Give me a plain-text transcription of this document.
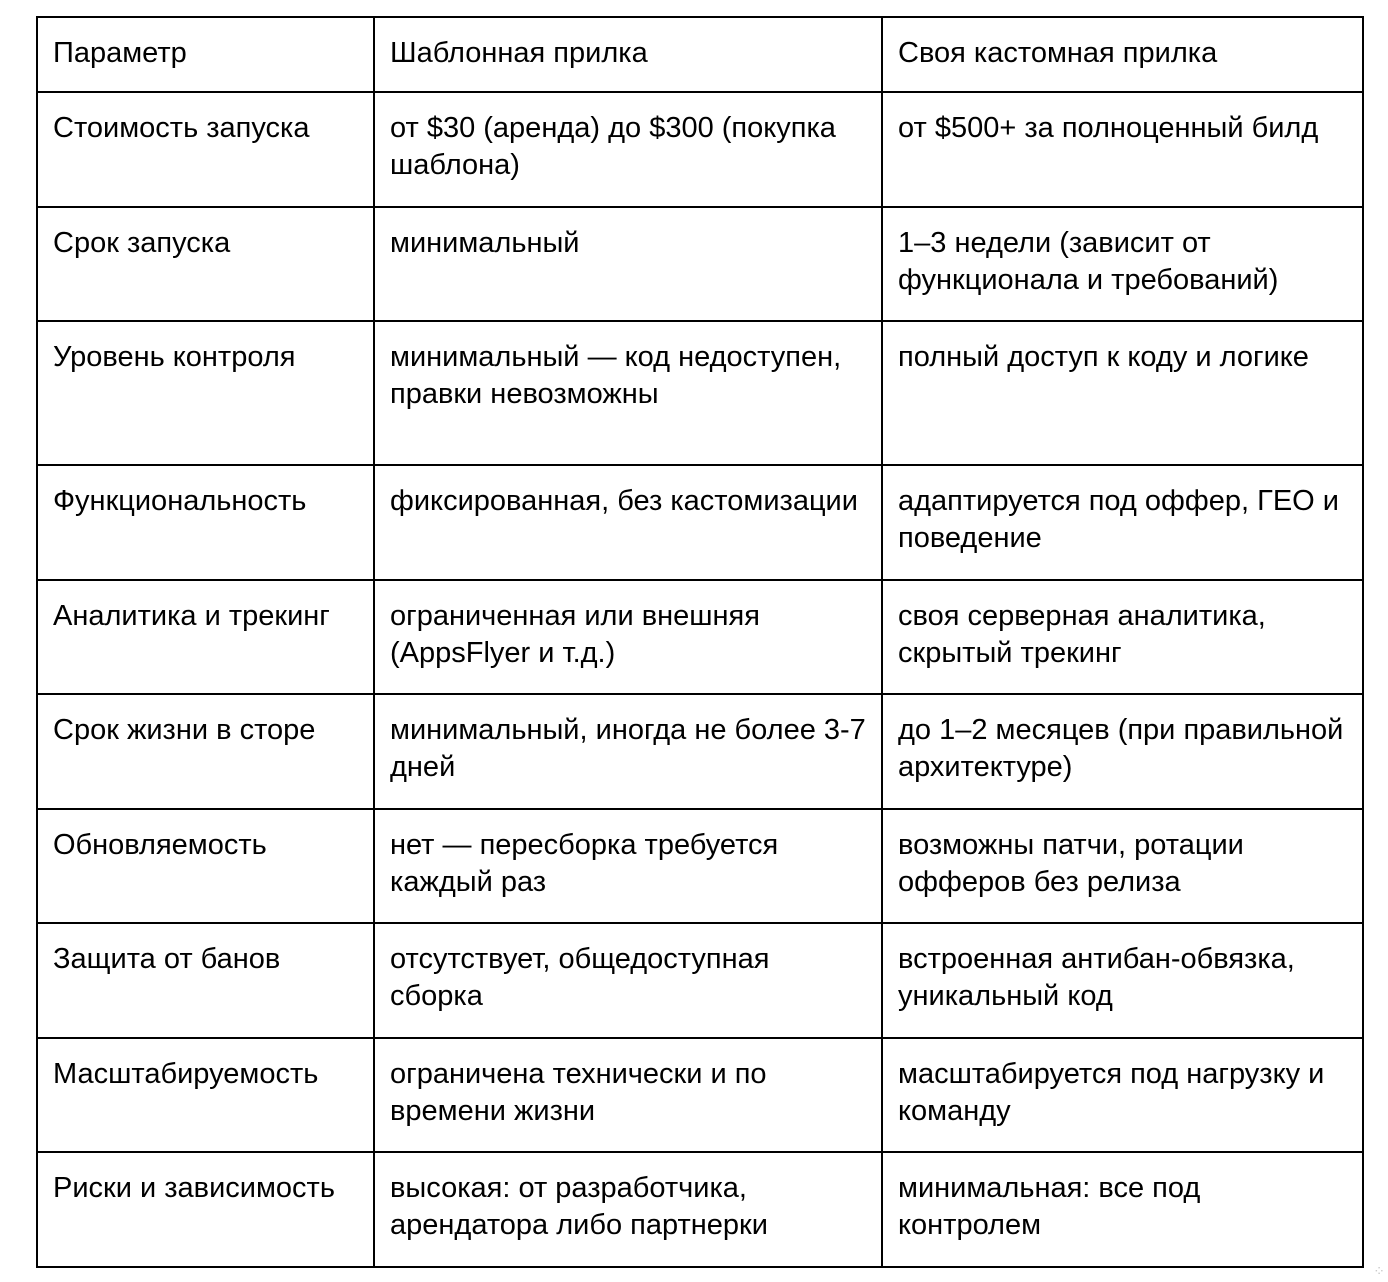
Параметр	Шаблонная прилка	Своя кастомная прилка
Стоимость запуска	от $30 (аренда) до $300 (покупка шаблона)	от $500+ за полноценный билд
Срок запуска	минимальный	1–3 недели (зависит от функционала и требований)
Уровень контроля	минимальный — код недоступен, правки невозможны	полный доступ к коду и логике
Функциональность	фиксированная, без кастомизации	адаптируется под оффер, ГЕО и поведение
Аналитика и трекинг	ограниченная или внешняя (AppsFlyer и т.д.)	своя серверная аналитика, скрытый трекинг
Срок жизни в сторе	минимальный, иногда не более 3-7 дней	до 1–2 месяцев (при правильной архитектуре)
Обновляемость	нет — пересборка требуется каждый раз	возможны патчи, ротации офферов без релиза
Защита от банов	отсутствует, общедоступная сборка	встроенная антибан-обвязка, уникальный код
Масштабируемость	ограничена технически и по времени жизни	масштабируется под нагрузку и команду
Риски и зависимость	высокая: от разработчика, арендатора либо партнерки	минимальная: все под контролем
⁘
